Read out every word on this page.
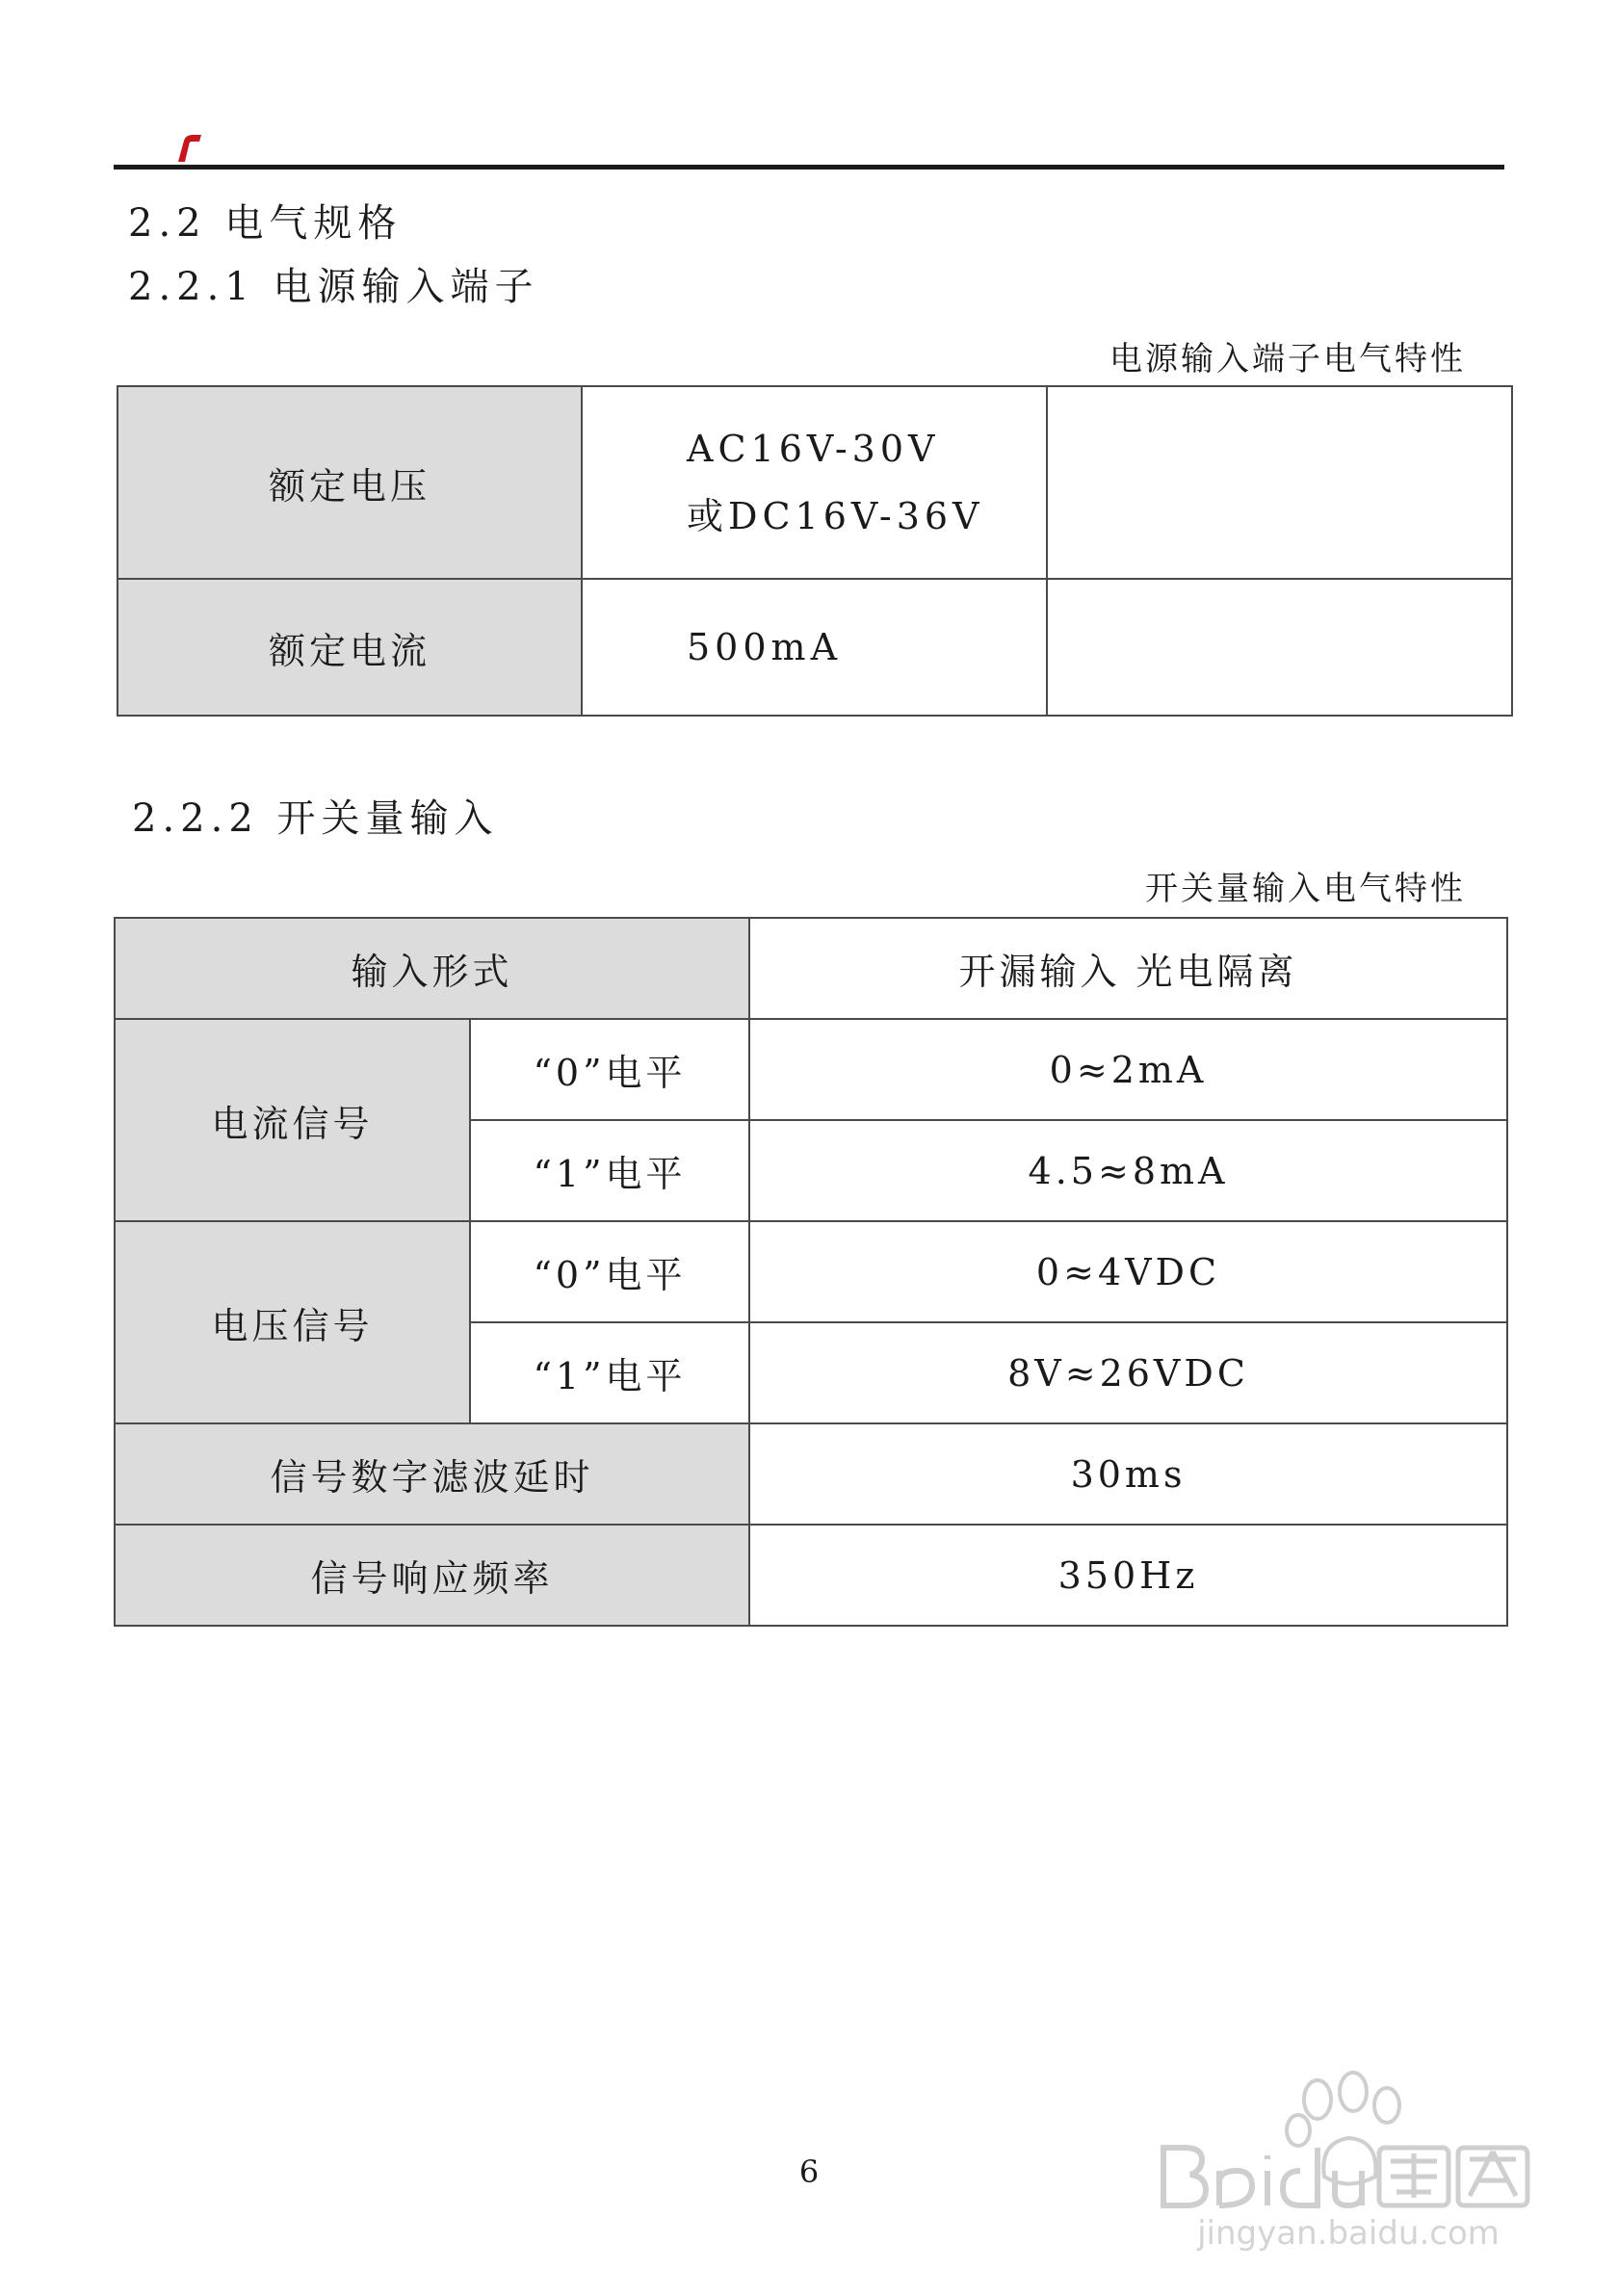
2.2 电气规格
2.2.1 电源输入端子
电源输入端子电气特性
额定电压	AC16V-30V
或DC16V-36V	

额定电流	500mA	
2.2.2 开关量输入
开关量输入电气特性
输入形式		开漏输入 光电隔离
电流信号	“0”电平	0≈2mA
	“1”电平	4.5≈8mA
电压信号	“0”电平	0≈4VDC
	“1”电平	8V≈26VDC
信号数字滤波延时		30ms
信号响应频率		350Hz
6
jingyan.baidu.com
